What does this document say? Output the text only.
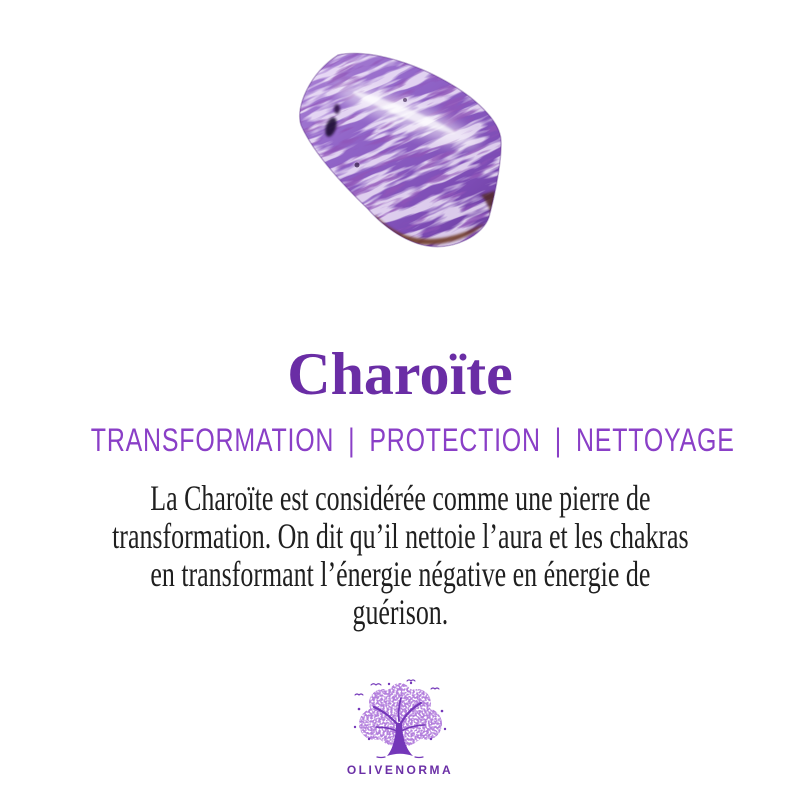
Charoïte
TRANSFORMATION | PROTECTION | NETTOYAGE
La Charoïte est considérée comme une pierre de
transformation. On dit qu’il nettoie l’aura et les chakras
en transformant l’énergie négative en énergie de
guérison.
OLIVENORMA
